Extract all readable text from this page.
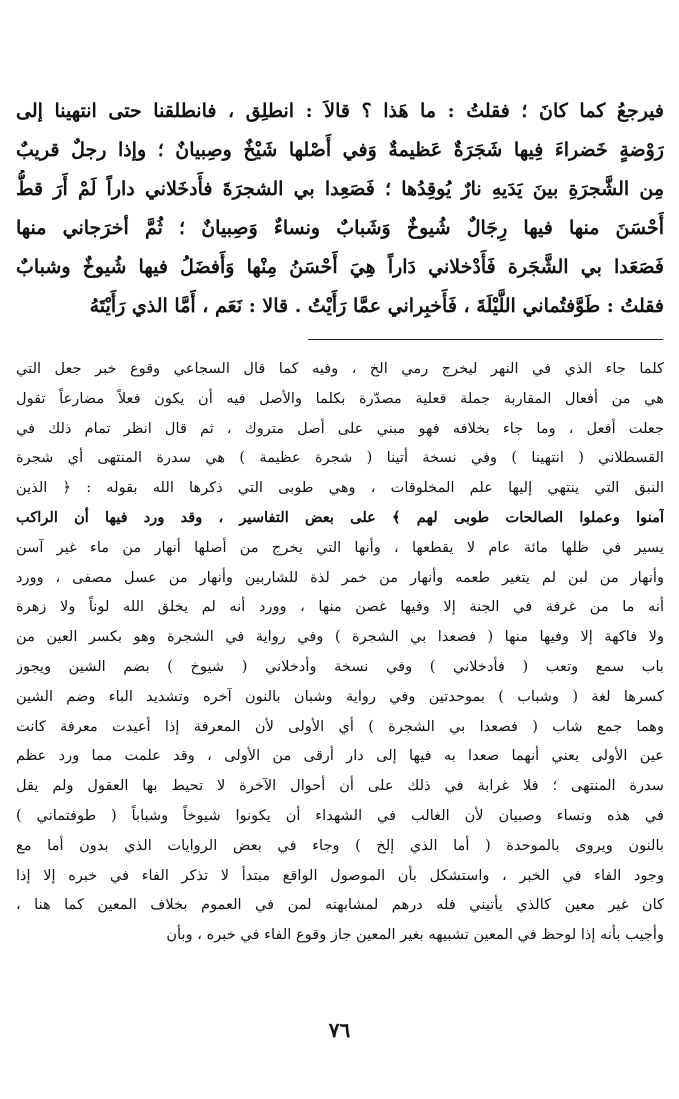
فيرجعُ كما كانَ ؛ فقلتُ : ما هَذا ؟ قالاَ : انطلِق ، فانطلقنا حتى انتهينا إلى
رَوْضةٍ خَضراءَ فِيها شَجَرَةٌ عَظيمةٌ وَفي أَصْلها شَيْخٌ وصِبيانٌ ؛ وإذا رجلٌ قريبٌ
مِن الشَّجرَةِ بينَ يَدَيهِ نارٌ يُوقِدُها ؛ فَصَعِدا بي الشجرَةَ فأَدخَلاني داراً لَمْ أَرَ قطُّ
أَحْسَنَ منها فيها رِجَالٌ شُيوخٌ وَشَبابٌ ونساءٌ وَصِبيانٌ ؛ ثُمَّ أخرَجاني منها
فَصَعَدا بي الشَّجَرة فَأَدْخلاني دَاراً هِيَ أَحْسَنُ مِنْها وَأَفضَلُ فيها شُيوخٌ وشبابٌ
فقلتُ : طَوَّفتُماني اللَّيْلَةَ ، فَأَخبِراني عمَّا رَأَيْتُ . قالا : نَعَم ، أَمَّا الذي رَأَيْتَهُ
كلما جاء الذي في النهر ليخرج رمي الخ ، وفيه كما قال السجاعي وقوع خبر جعل التي
هي من أفعال المقاربة جملة فعلية مصدّرة بكلما والأصل فيه أن يكون فعلاً مضارعاً تقول
جعلت أفعل ، وما جاء بخلافه فهو مبني على أصل متروك ، ثم قال انظر تمام ذلك في
القسطلاني ( انتهينا ) وفي نسخة أتينا ( شجرة عظيمة ) هي سدرة المنتهى أي شجرة
النبق التي ينتهي إليها علم المخلوقات ، وهي طوبى التي ذكرها الله بقوله : ﴿ الذين
آمنوا وعملوا الصالحات طوبى لهم ﴾ على بعض التفاسير ، وقد ورد فيها أن الراكب
يسير في ظلها مائة عام لا يقطعها ، وأنها التي يخرج من أصلها أنهار من ماء غير آسن
وأنهار من لبن لم يتغير طعمه وأنهار من خمر لذة للشاربين وأنهار من عسل مصفى ، وورد
أنه ما من غرفة في الجنة إلا وفيها غصن منها ، وورد أنه لم يخلق الله لوناً ولا زهرة
ولا فاكهة إلا وفيها منها ( فصعدا بي الشجرة ) وفي رواية في الشجرة وهو بكسر العين من
باب سمع وتعب ( فأدخلاني ) وفي نسخة وأدخلاني ( شيوخ ) بضم الشين ويجوز
كسرها لغة ( وشباب ) بموحدتين وفي رواية وشبان بالنون آخره وتشديد الباء وضم الشين
وهما جمع شاب ( فصعدا بي الشجرة ) أي الأولى لأن المعرفة إذا أعيدت معرفة كانت
عين الأولى يعني أنهما صعدا به فيها إلى دار أرقى من الأولى ، وقد علمت مما ورد عظم
سدرة المنتهى ؛ فلا غرابة في ذلك على أن أحوال الآخرة لا تحيط بها العقول ولم يقل
في هذه ونساء وصبيان لأن الغالب في الشهداء أن يكونوا شيوخاً وشباباً ( طوفتماني )
بالنون ويروى بالموحدة ( أما الذي إلخ ) وجاء في بعض الروايات الذي بدون أما مع
وجود الفاء في الخبر ، واستشكل بأن الموصول الواقع مبتدأ لا تذكر الفاء في خبره إلا إذا
كان غير معين كالذي يأتيني فله درهم لمشابهته لمن في العموم بخلاف المعين كما هنا ،
وأجيب بأنه إذا لوحظ في المعين تشبيهه بغير المعين جاز وقوع الفاء في خبره ، وبأن
٧٦
